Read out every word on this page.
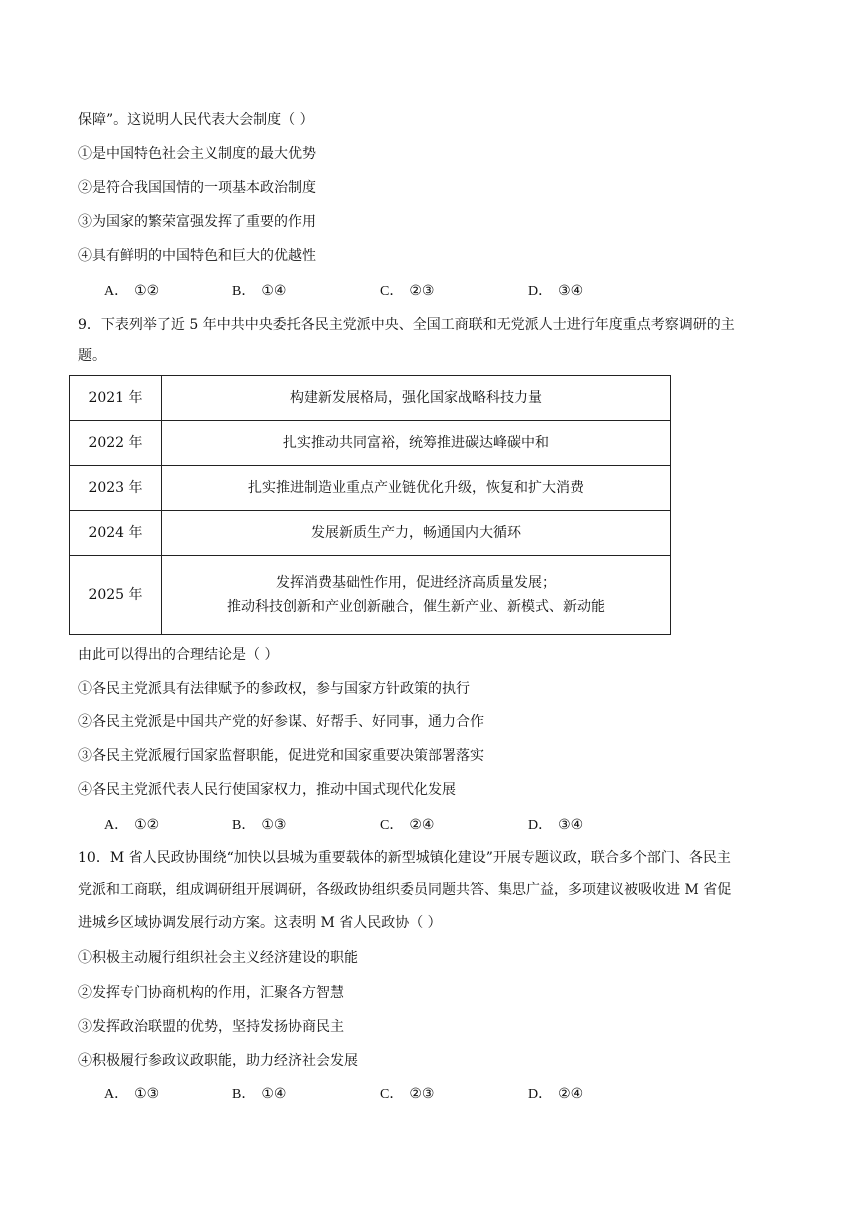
保障”。这说明人民代表大会制度（ ）
①是中国特色社会主义制度的最大优势
②是符合我国国情的一项基本政治制度
③为国家的繁荣富强发挥了重要的作用
④具有鲜明的中国特色和巨大的优越性
A． ①②	B． ①④	C． ②③	D． ③④
9．下表列举了近 5 年中共中央委托各民主党派中央、全国工商联和无党派人士进行年度重点考察调研的主
题。
2021 年	构建新发展格局，强化国家战略科技力量
2022 年	扎实推动共同富裕，统筹推进碳达峰碳中和
2023 年	扎实推进制造业重点产业链优化升级，恢复和扩大消费
2024 年	发展新质生产力，畅通国内大循环
2025 年	发挥消费基础性作用，促进经济高质量发展；
推动科技创新和产业创新融合，催生新产业、新模式、新动能
由此可以得出的合理结论是（ ）
①各民主党派具有法律赋予的参政权，参与国家方针政策的执行
②各民主党派是中国共产党的好参谋、好帮手、好同事，通力合作
③各民主党派履行国家监督职能，促进党和国家重要决策部署落实
④各民主党派代表人民行使国家权力，推动中国式现代化发展
A． ①②	B． ①③	C． ②④	D． ③④
10．M 省人民政协围绕“加快以县城为重要载体的新型城镇化建设”开展专题议政，联合多个部门、各民主
党派和工商联，组成调研组开展调研，各级政协组织委员同题共答、集思广益，多项建议被吸收进 M 省促
进城乡区域协调发展行动方案。这表明 M 省人民政协（ ）
①积极主动履行组织社会主义经济建设的职能
②发挥专门协商机构的作用，汇聚各方智慧
③发挥政治联盟的优势，坚持发扬协商民主
④积极履行参政议政职能，助力经济社会发展
A． ①③	B． ①④	C． ②③	D． ②④
